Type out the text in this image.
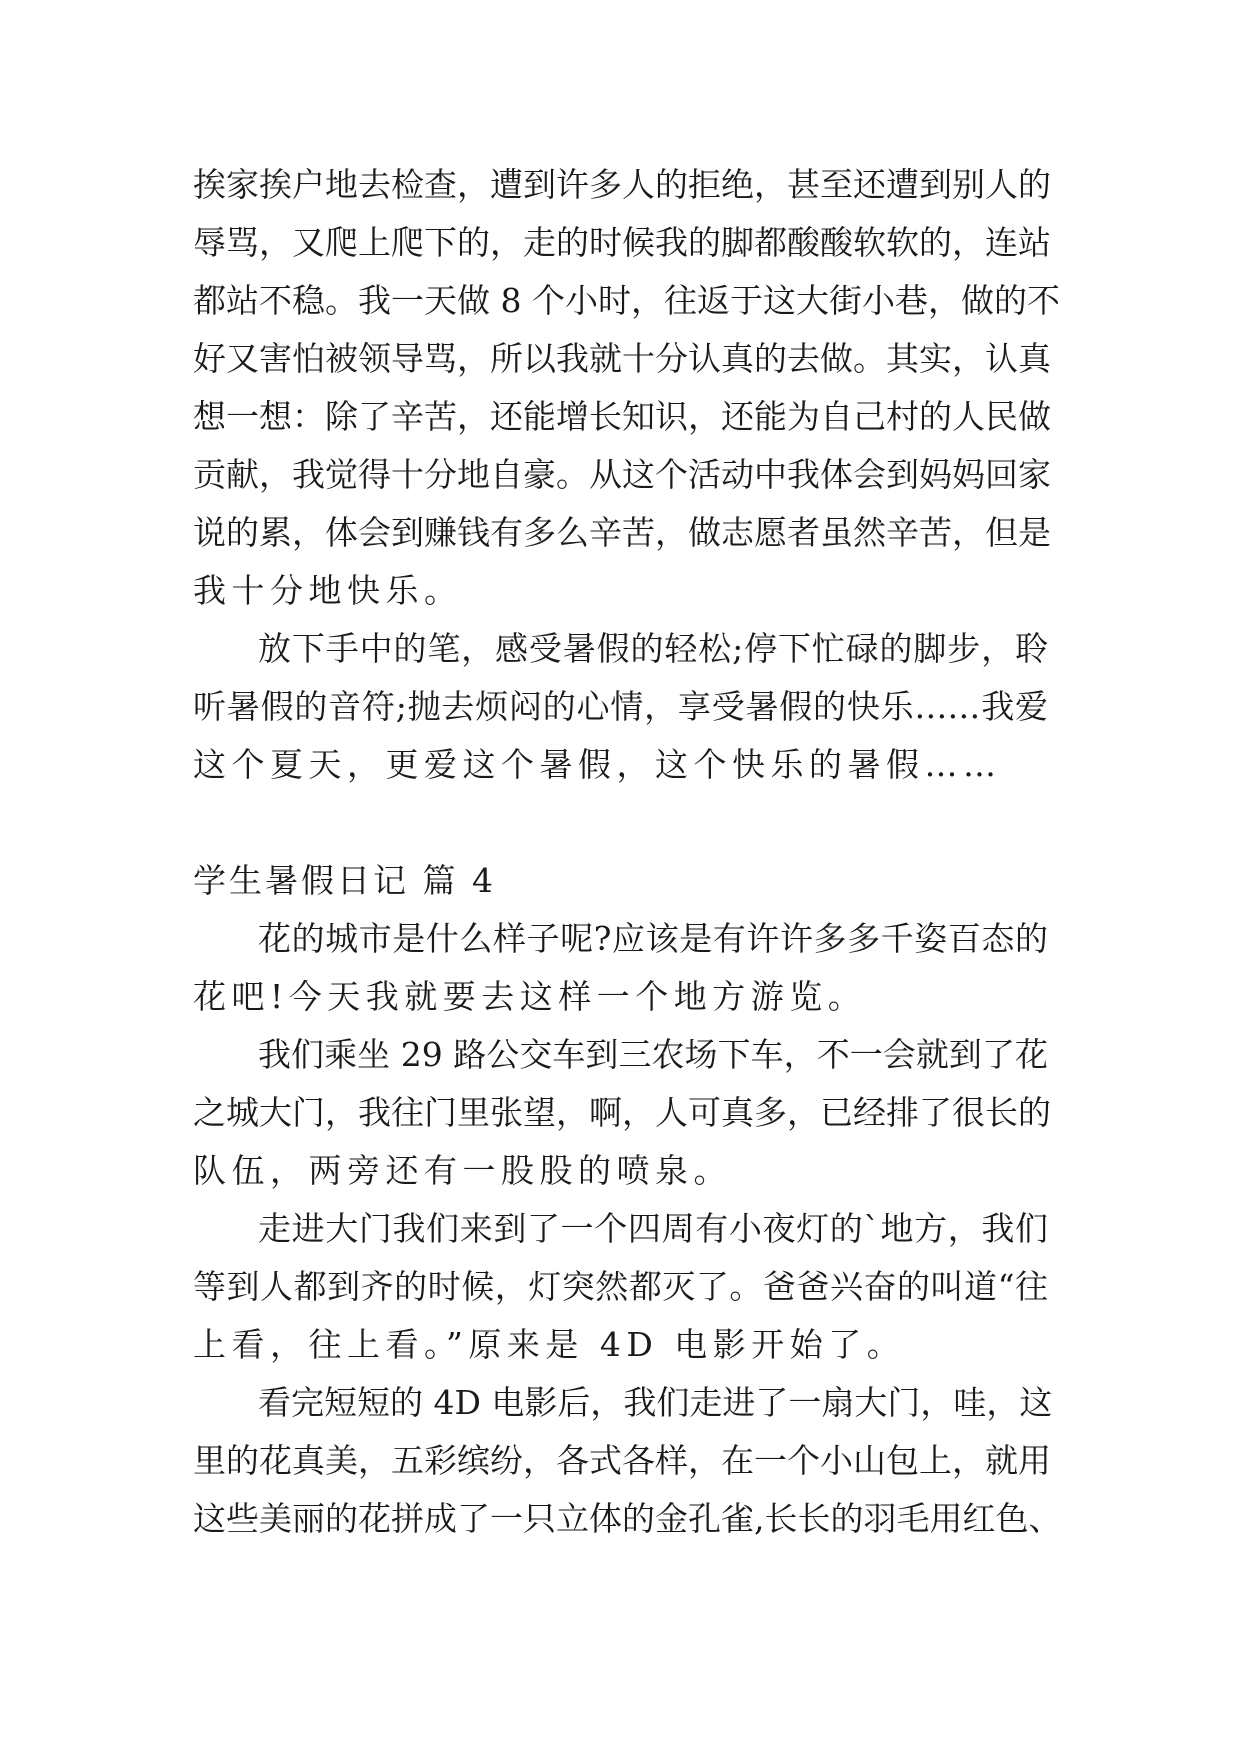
挨家挨户地去检查，遭到许多人的拒绝，甚至还遭到别人的
辱骂，又爬上爬下的，走的时候我的脚都酸酸软软的，连站
都站不稳。我一天做 8 个小时，往返于这大街小巷，做的不
好又害怕被领导骂，所以我就十分认真的去做。其实，认真
想一想：除了辛苦，还能增长知识，还能为自己村的人民做
贡献，我觉得十分地自豪。从这个活动中我体会到妈妈回家
说的累，体会到赚钱有多么辛苦，做志愿者虽然辛苦，但是
我十分地快乐。
放下手中的笔，感受暑假的轻松;停下忙碌的脚步，聆
听暑假的音符;抛去烦闷的心情，享受暑假的快乐……我爱
这个夏天，更爱这个暑假，这个快乐的暑假……
学生暑假日记 篇 4
花的城市是什么样子呢?应该是有许许多多千姿百态的
花吧!今天我就要去这样一个地方游览。
我们乘坐 29 路公交车到三农场下车，不一会就到了花
之城大门，我往门里张望，啊，人可真多，已经排了很长的
队伍，两旁还有一股股的喷泉。
走进大门我们来到了一个四周有小夜灯的`地方，我们
等到人都到齐的时候，灯突然都灭了。爸爸兴奋的叫道“往
上看，往上看。”原来是 4D 电影开始了。
看完短短的 4D 电影后，我们走进了一扇大门，哇，这
里的花真美，五彩缤纷，各式各样，在一个小山包上，就用
这些美丽的花拼成了一只立体的金孔雀,长长的羽毛用红色、
